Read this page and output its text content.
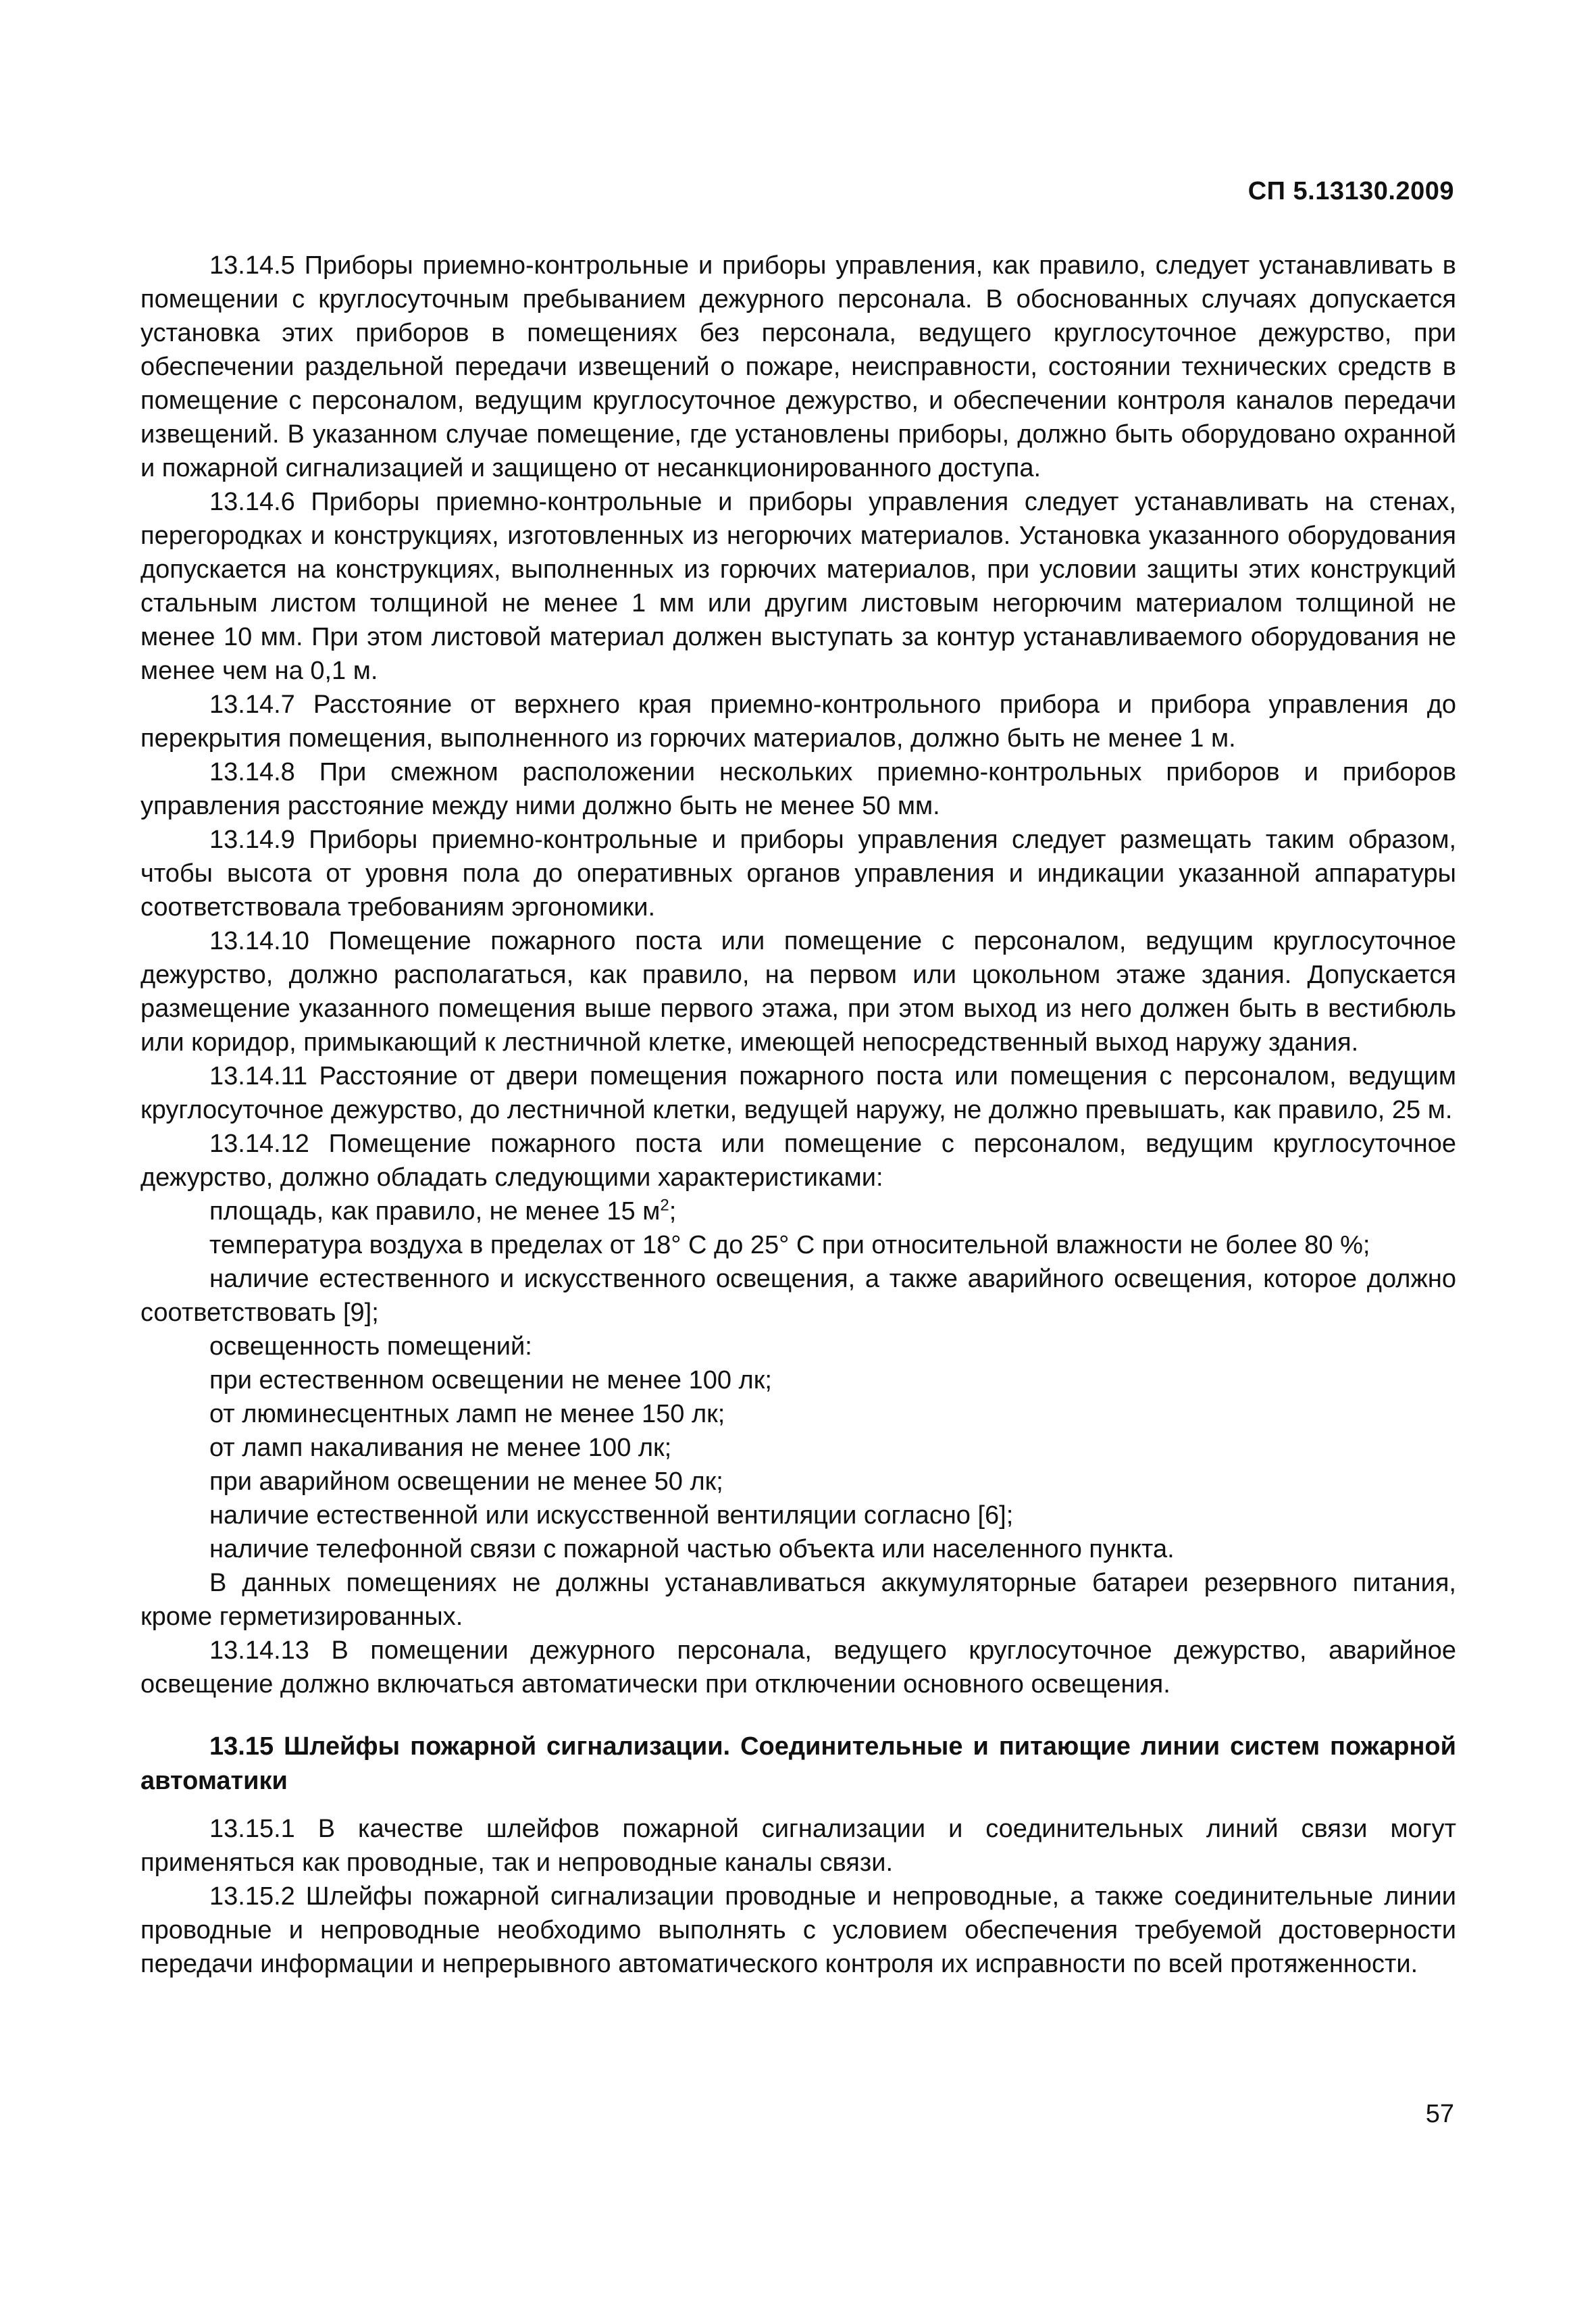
СП 5.13130.2009

13.14.5 Приборы приемно-контрольные и приборы управления, как правило, следует устанавливать в помещении с круглосуточным пребыванием дежурного персонала. В обоснованных случаях допускается установка этих приборов в помещениях без персонала, ведущего круглосуточное дежурство, при обеспечении раздельной передачи извещений о пожаре, неисправности, состоянии технических средств в помещение с персоналом, ведущим круглосуточное дежурство, и обеспечении контроля каналов передачи извещений. В указанном случае помещение, где установлены приборы, должно быть оборудовано охранной и пожарной сигнализацией и защищено от несанкционированного доступа.

13.14.6 Приборы приемно-контрольные и приборы управления следует устанавливать на стенах, перегородках и конструкциях, изготовленных из негорючих материалов. Установка указанного оборудования допускается на конструкциях, выполненных из горючих материалов, при условии защиты этих конструкций стальным листом толщиной не менее 1 мм или другим листовым негорючим материалом толщиной не менее 10 мм. При этом листовой материал должен выступать за контур устанавливаемого оборудования не менее чем на 0,1 м.

13.14.7 Расстояние от верхнего края приемно-контрольного прибора и прибора управления до перекрытия помещения, выполненного из горючих материалов, должно быть не менее 1 м.

13.14.8 При смежном расположении нескольких приемно-контрольных приборов и приборов управления расстояние между ними должно быть не менее 50 мм.

13.14.9 Приборы приемно-контрольные и приборы управления следует размещать таким образом, чтобы высота от уровня пола до оперативных органов управления и индикации указанной аппаратуры соответствовала требованиям эргономики.

13.14.10 Помещение пожарного поста или помещение с персоналом, ведущим круглосуточное дежурство, должно располагаться, как правило, на первом или цокольном этаже здания. Допускается размещение указанного помещения выше первого этажа, при этом выход из него должен быть в вестибюль или коридор, примыкающий к лестничной клетке, имеющей непосредственный выход наружу здания.

13.14.11 Расстояние от двери помещения пожарного поста или помещения с персоналом, ведущим круглосуточное дежурство, до лестничной клетки, ведущей наружу, не должно превышать, как правило, 25 м.

13.14.12 Помещение пожарного поста или помещение с персоналом, ведущим круглосуточное дежурство, должно обладать следующими характеристиками:

площадь, как правило, не менее 15 $м^2$;

температура воздуха в пределах от 18° С до 25° С при относительной влажности не более 80 %;

наличие естественного и искусственного освещения, а также аварийного освещения, которое должно соответствовать [9];

освещенность помещений:

при естественном освещении не менее 100 лк;

от люминесцентных ламп не менее 150 лк;

от ламп накаливания не менее 100 лк;

при аварийном освещении не менее 50 лк;

наличие естественной или искусственной вентиляции согласно [6];

наличие телефонной связи с пожарной частью объекта или населенного пункта.

В данных помещениях не должны устанавливаться аккумуляторные батареи резервного питания, кроме герметизированных.

13.14.13 В помещении дежурного персонала, ведущего круглосуточное дежурство, аварийное освещение должно включаться автоматически при отключении основного освещения.

13.15 Шлейфы пожарной сигнализации. Соединительные и питающие линии систем пожарной автоматики

13.15.1 В качестве шлейфов пожарной сигнализации и соединительных линий связи могут применяться как проводные, так и непроводные каналы связи.

13.15.2 Шлейфы пожарной сигнализации проводные и непроводные, а также соединительные линии проводные и непроводные необходимо выполнять с условием обеспечения требуемой достоверности передачи информации и непрерывного автоматического контроля их исправности по всей протяженности.

57
